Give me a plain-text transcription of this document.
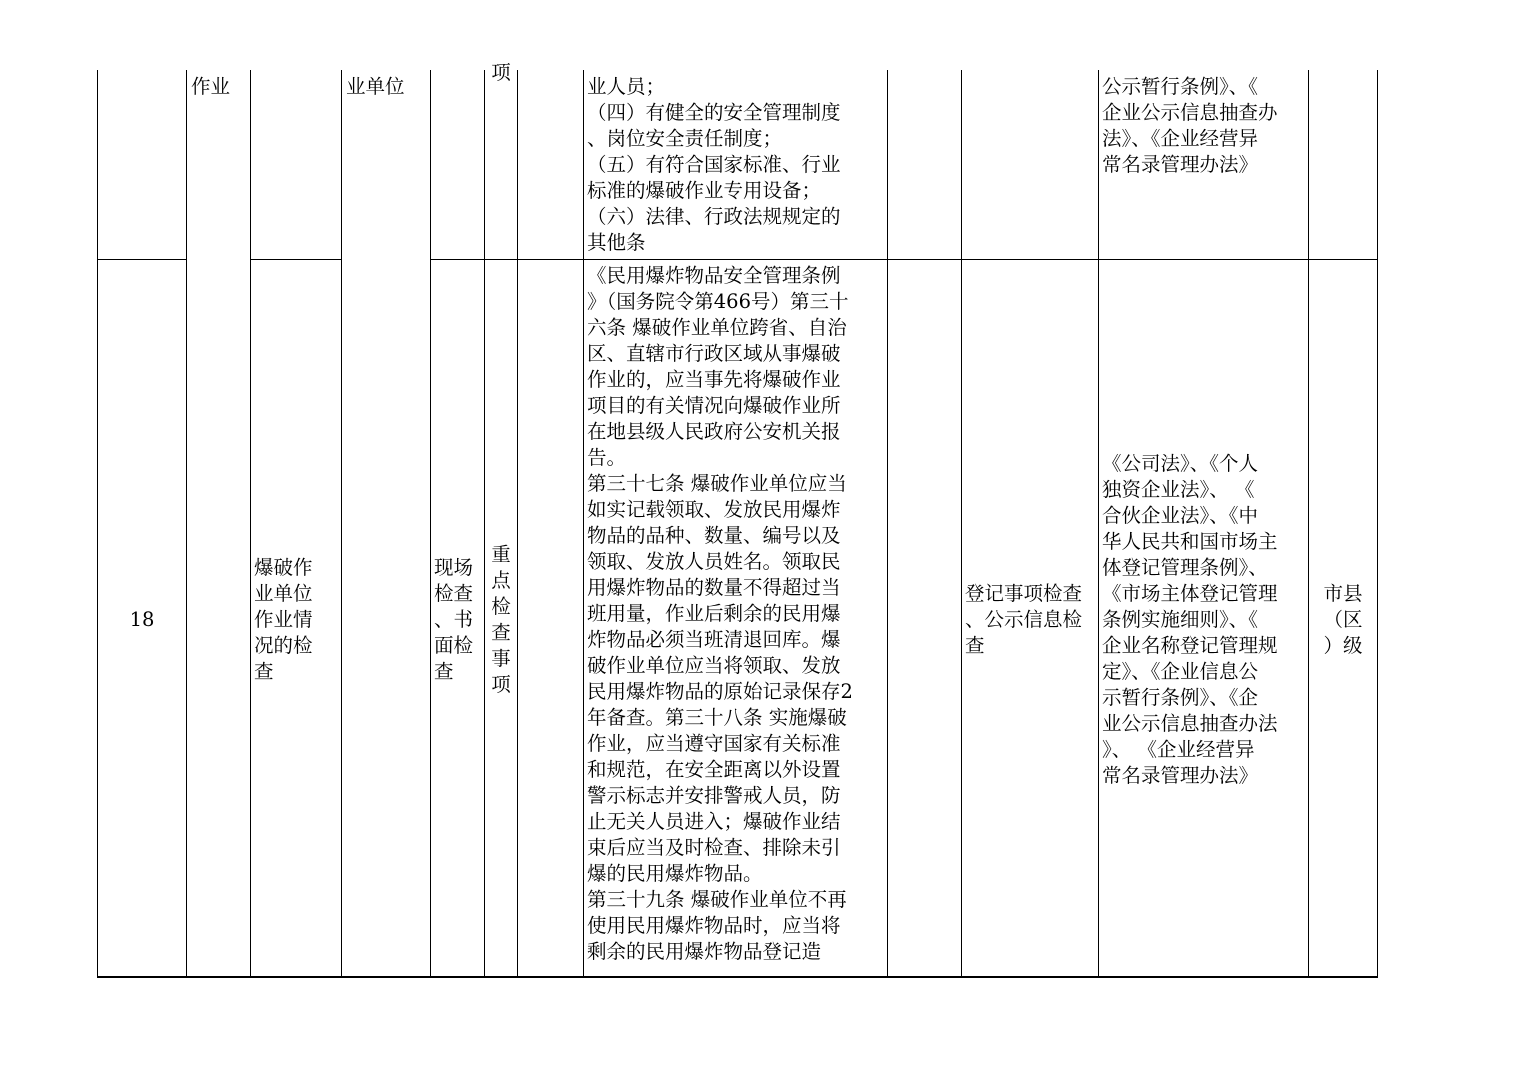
作业	业单位
项
业人员；
（四）有健全的安全管理制度
、岗位安全责任制度；
（五）有符合国家标准、行业
标准的爆破作业专用设备；
（六）法律、行政法规规定的
其他条
公示暂行条例》、《
企业公示信息抽查办
法》、《企业经营异
常名录管理办法》
18
爆破作
业单位
作业情
况的检
查
现场
检查
、书
面检
查
重
点
检
查
事
项
《民用爆炸物品安全管理条例
》（国务院令第466号）第三十
六条 爆破作业单位跨省、自治
区、直辖市行政区域从事爆破
作业的，应当事先将爆破作业
项目的有关情况向爆破作业所
在地县级人民政府公安机关报
告。
第三十七条 爆破作业单位应当
如实记载领取、发放民用爆炸
物品的品种、数量、编号以及
领取、发放人员姓名。领取民
用爆炸物品的数量不得超过当
班用量，作业后剩余的民用爆
炸物品必须当班清退回库。爆
破作业单位应当将领取、发放
民用爆炸物品的原始记录保存2
年备查。第三十八条 实施爆破
作业，应当遵守国家有关标准
和规范，在安全距离以外设置
警示标志并安排警戒人员，防
止无关人员进入；爆破作业结
束后应当及时检查、排除未引
爆的民用爆炸物品。
第三十九条 爆破作业单位不再
使用民用爆炸物品时，应当将
剩余的民用爆炸物品登记造
登记事项检查
、公示信息检
查
《公司法》、《个人
独资企业法》、 《
合伙企业法》、《中
华人民共和国市场主
体登记管理条例》、
《市场主体登记管理
条例实施细则》、《
企业名称登记管理规
定》、《企业信息公
示暂行条例》、《企
业公示信息抽查办法
》、 《企业经营异
常名录管理办法》
市县
（区
）级
